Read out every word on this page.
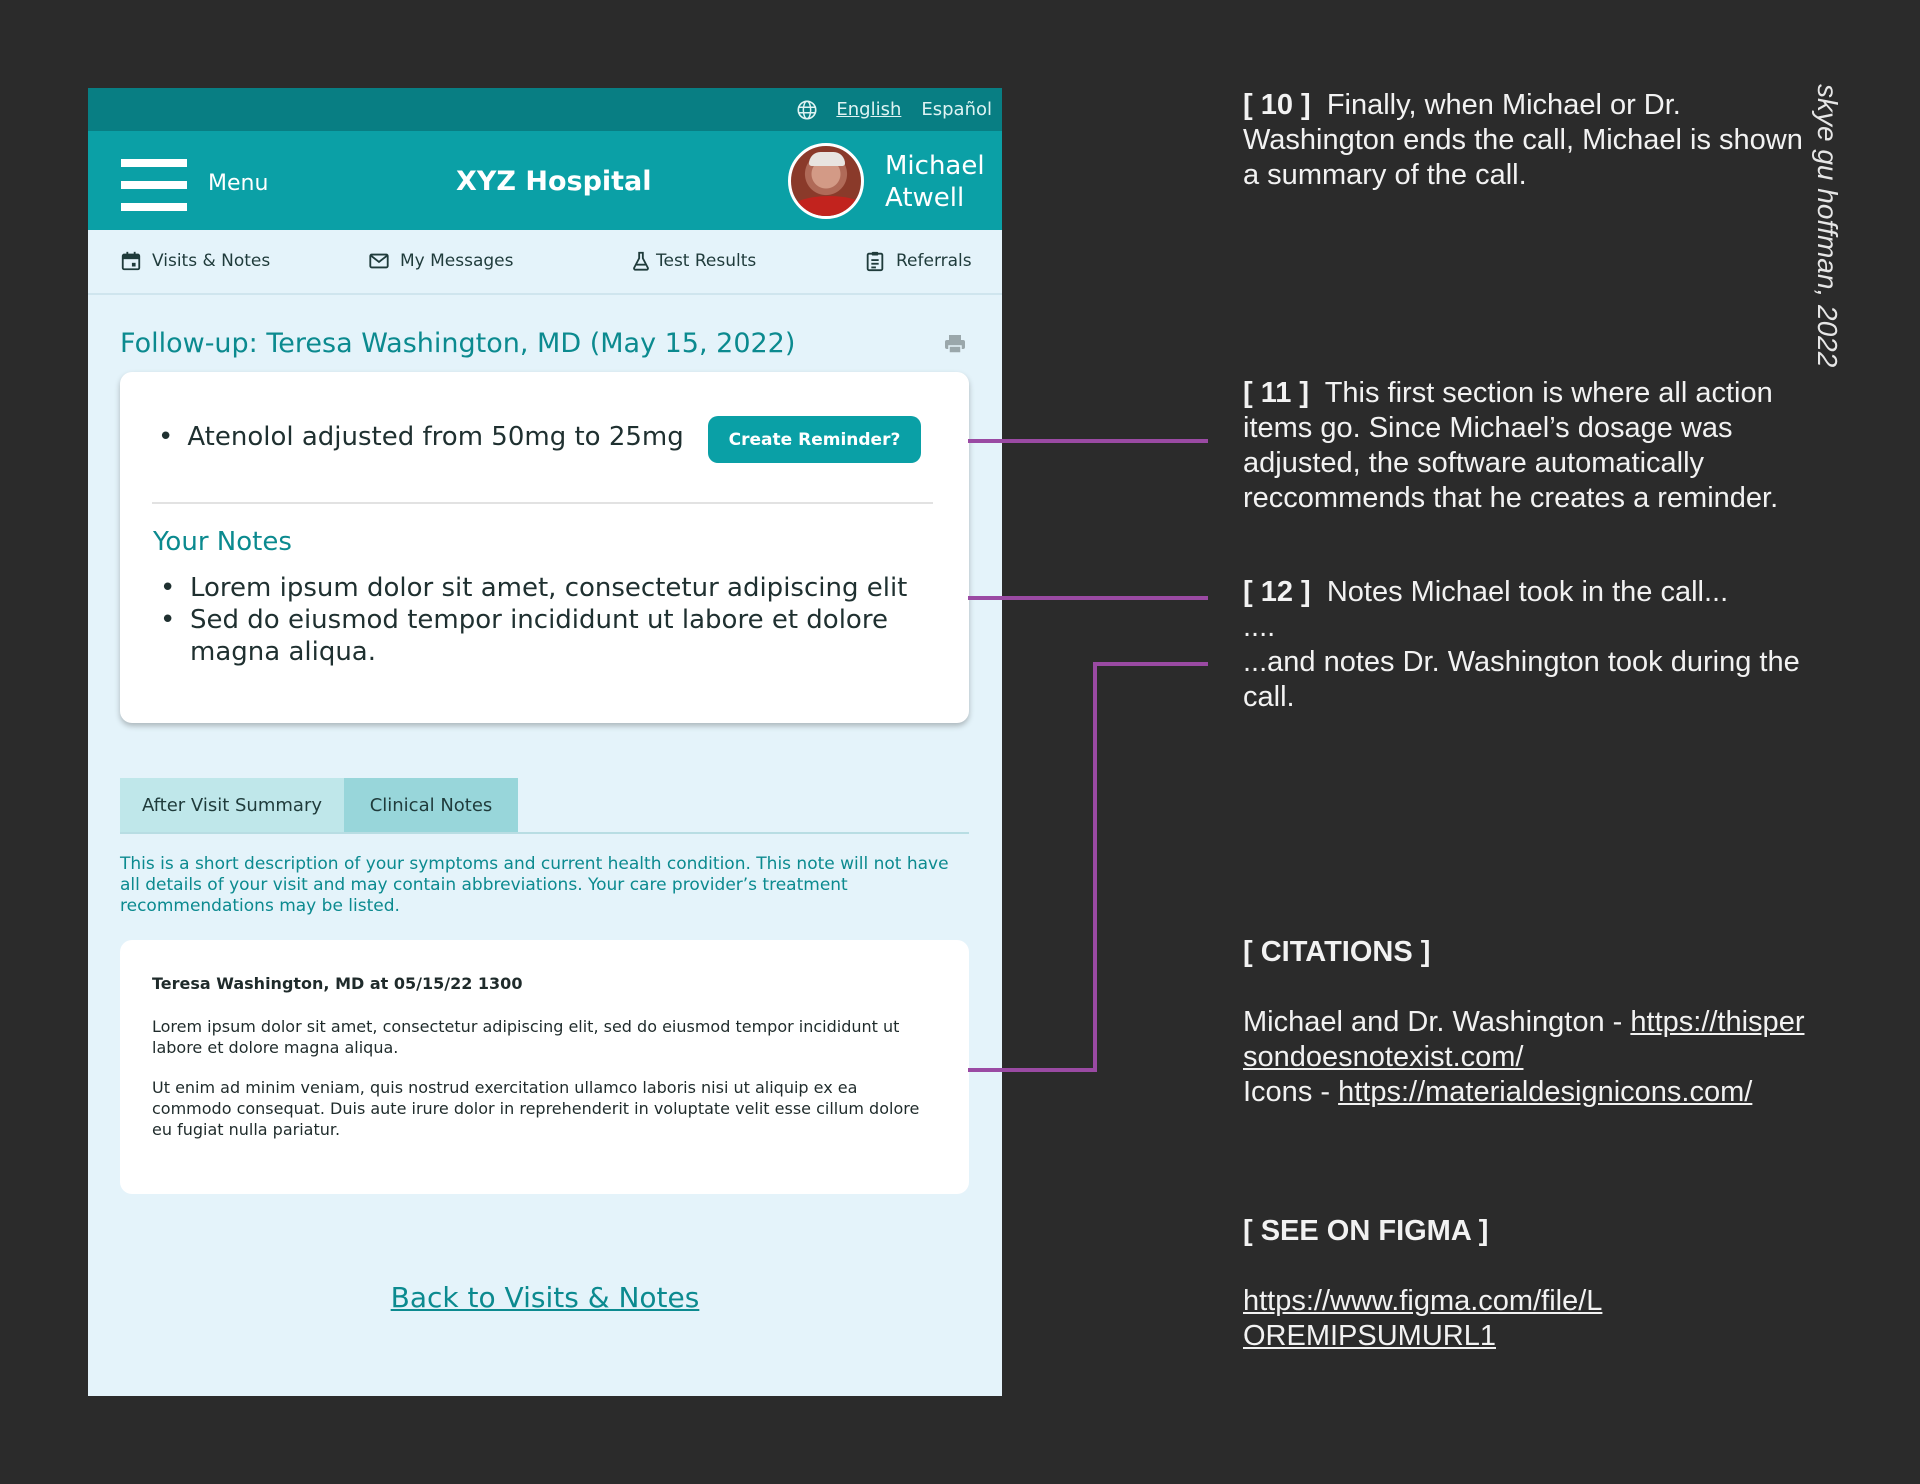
English Español
Menu	XYZ Hospital	Michael
Atwell
Visits & Notes	My Messages	Test Results	Referrals
Follow-up: Teresa Washington, MD (May 15, 2022)
• Atenolol adjusted from 50mg to 25mg	Create Reminder?
Your Notes
• Lorem ipsum dolor sit amet, consectetur adipiscing elit
• Sed do eiusmod tempor incididunt ut labore et dolore magna aliqua.
After Visit Summary	Clinical Notes
This is a short description of your symptoms and current health condition. This note will not have all details of your visit and may contain abbreviations. Your care provider’s treatment recommendations may be listed.
Teresa Washington, MD at 05/15/22 1300
Lorem ipsum dolor sit amet, consectetur adipiscing elit, sed do eiusmod tempor incididunt ut labore et dolore magna aliqua.
Ut enim ad minim veniam, quis nostrud exercitation ullamco laboris nisi ut aliquip ex ea commodo consequat. Duis aute irure dolor in reprehenderit in voluptate velit esse cillum dolore eu fugiat nulla pariatur.
Back to Visits & Notes
[ 10 ] Finally, when Michael or Dr. Washington ends the call, Michael is shown a summary of the call.
[ 11 ] This first section is where all action items go. Since Michael’s dosage was adjusted, the software automatically reccommends that he creates a reminder.
[ 12 ] Notes Michael took in the call...
....
...and notes Dr. Washington took during the call.
[ CITATIONS ]
Michael and Dr. Washington - https://thispersondoesnotexist.com/
Icons - https://materialdesignicons.com/
[ SEE ON FIGMA ]
https://www.figma.com/file/LOREMIPSUMURL1
skye gu hoffman, 2022
